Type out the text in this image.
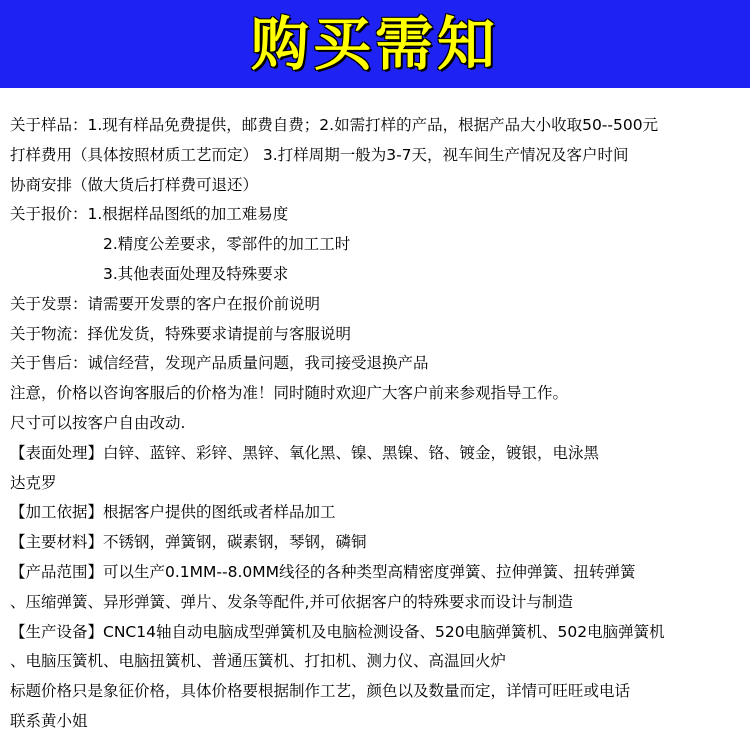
购买需知
关于样品：1.现有样品免费提供，邮费自费；2.如需打样的产品，根据产品大小收取50--500元
打样费用（具体按照材质工艺而定） 3.打样周期一般为3-7天，视车间生产情况及客户时间
协商安排（做大货后打样费可退还）
关于报价：1.根据样品图纸的加工难易度
2.精度公差要求，零部件的加工工时
3.其他表面处理及特殊要求
关于发票：请需要开发票的客户在报价前说明
关于物流：择优发货，特殊要求请提前与客服说明
关于售后：诚信经营，发现产品质量问题，我司接受退换产品
注意，价格以咨询客服后的价格为准！同时随时欢迎广大客户前来参观指导工作。
尺寸可以按客户自由改动.
【表面处理】白锌、蓝锌、彩锌、黑锌、氧化黑、镍、黑镍、铬、镀金，镀银，电泳黑
达克罗
【加工依据】根据客户提供的图纸或者样品加工
【主要材料】不锈钢，弹簧钢，碳素钢，琴钢，磷铜
【产品范围】可以生产0.1MM--8.0MM线径的各种类型高精密度弹簧、拉伸弹簧、扭转弹簧
、压缩弹簧、异形弹簧、弹片、发条等配件,并可依据客户的特殊要求而设计与制造
【生产设备】CNC14轴自动电脑成型弹簧机及电脑检测设备、520电脑弹簧机、502电脑弹簧机
、电脑压簧机、电脑扭簧机、普通压簧机、打扣机、测力仪、高温回火炉
标题价格只是象征价格，具体价格要根据制作工艺，颜色以及数量而定，详情可旺旺或电话
联系黄小姐
